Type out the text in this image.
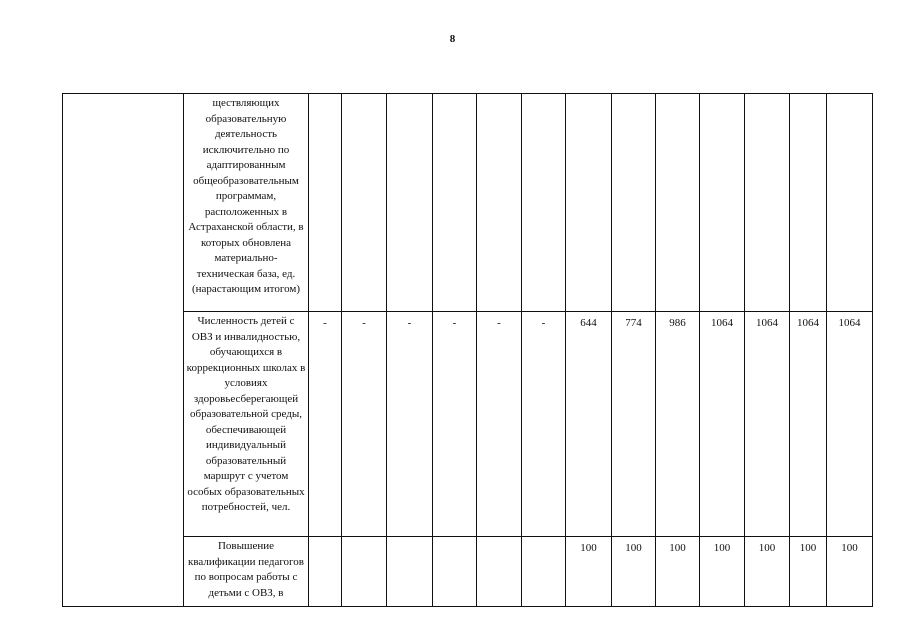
8
	ществляющих образовательную деятельность исключительно по адаптированным общеобразовательным программам, расположенных в Астраханской области, в которых обновлена материально-техническая база, ед. (нарастающим итогом)													
	Численность детей с ОВЗ и инвалидностью, обучающихся в коррекционных школах в условиях здоровьесберегающей образовательной среды, обеспечивающей индивидуальный образовательный маршрут с учетом особых образовательных потребностей, чел.	-	-	-	-	-	-	644	774	986	1064	1064	1064	1064
	Повышение квалификации педагогов по вопросам работы с детьми с ОВЗ, в							100	100	100	100	100	100	100
